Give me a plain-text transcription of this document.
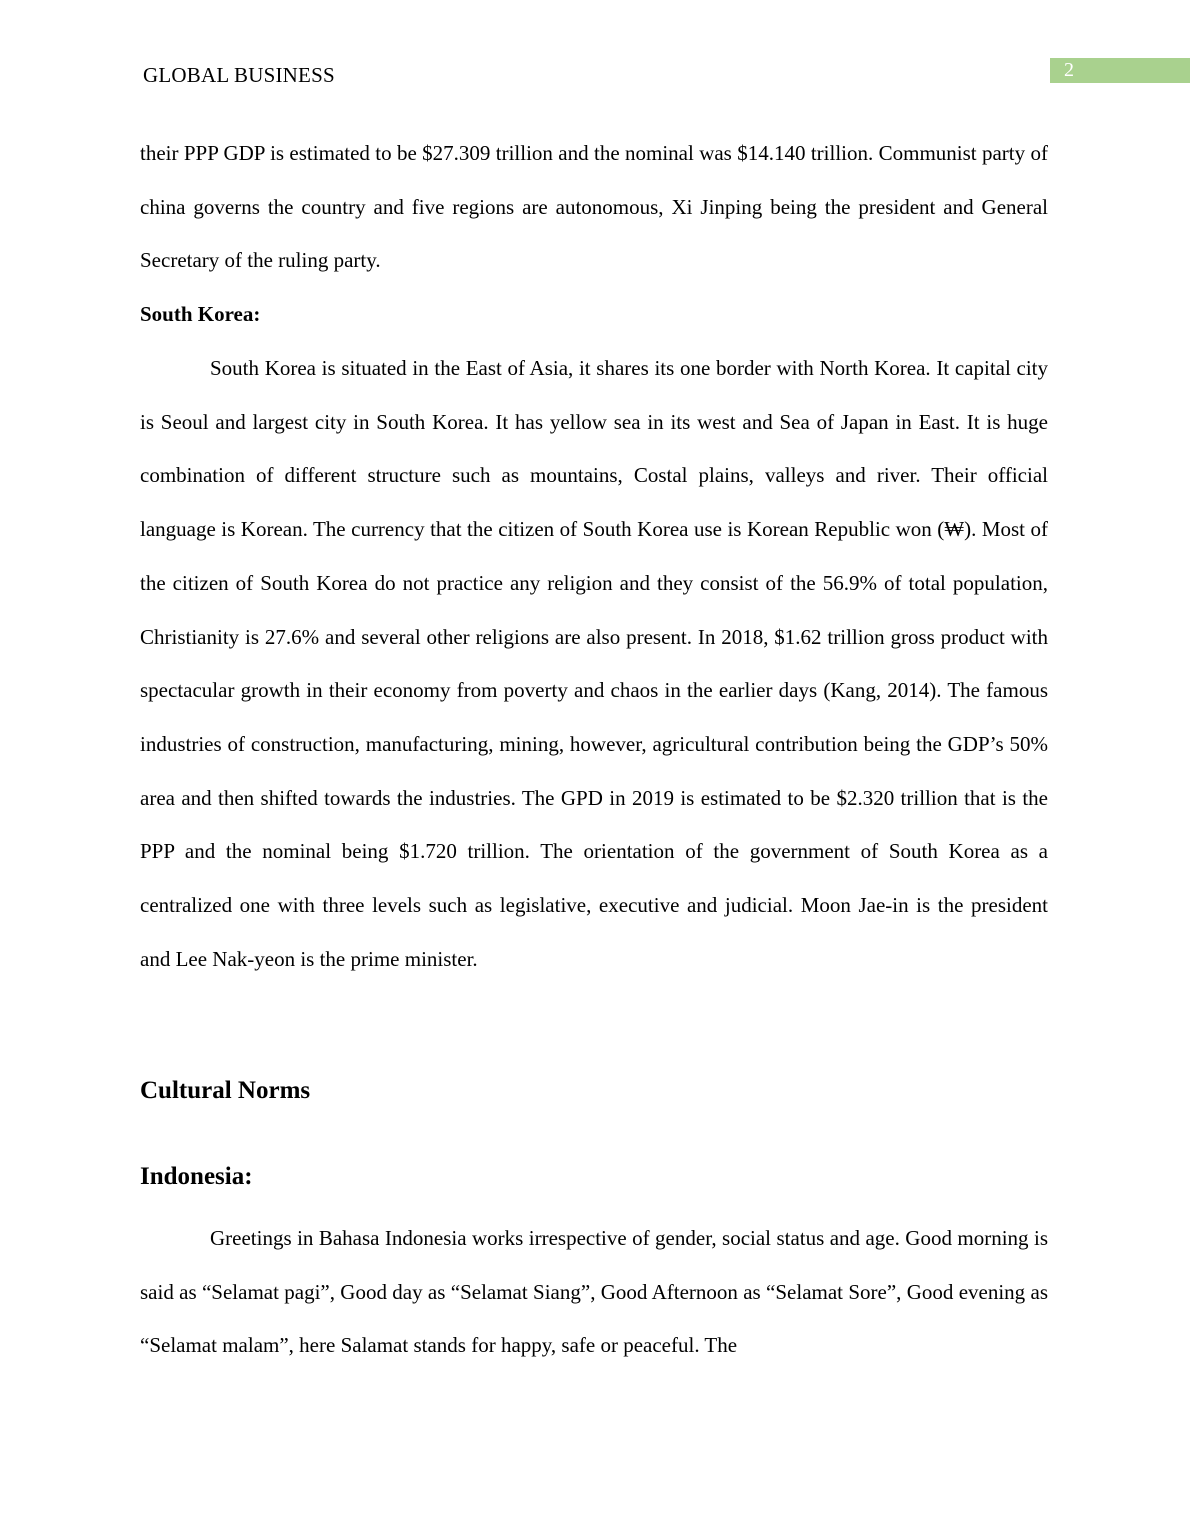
GLOBAL BUSINESS	2

their PPP GDP is estimated to be $27.309 trillion and the nominal was $14.140 trillion. Communist party of china governs the country and five regions are autonomous, Xi Jinping being the president and General Secretary of the ruling party.

South Korea:

South Korea is situated in the East of Asia, it shares its one border with North Korea. It capital city is Seoul and largest city in South Korea. It has yellow sea in its west and Sea of Japan in East. It is huge combination of different structure such as mountains, Costal plains, valleys and river. Their official language is Korean. The currency that the citizen of South Korea use is Korean Republic won (₩). Most of the citizen of South Korea do not practice any religion and they consist of the 56.9% of total population, Christianity is 27.6% and several other religions are also present. In 2018, $1.62 trillion gross product with spectacular growth in their economy from poverty and chaos in the earlier days (Kang, 2014). The famous industries of construction, manufacturing, mining, however, agricultural contribution being the GDP’s 50% area and then shifted towards the industries. The GPD in 2019 is estimated to be $2.320 trillion that is the PPP and the nominal being $1.720 trillion. The orientation of the government of South Korea as a centralized one with three levels such as legislative, executive and judicial. Moon Jae-in is the president and Lee Nak-yeon is the prime minister.

Cultural Norms
Indonesia:

Greetings in Bahasa Indonesia works irrespective of gender, social status and age. Good morning is said as “Selamat pagi”, Good day as “Selamat Siang”, Good Afternoon as “Selamat Sore”, Good evening as “Selamat malam”, here Salamat stands for happy, safe or peaceful. The
